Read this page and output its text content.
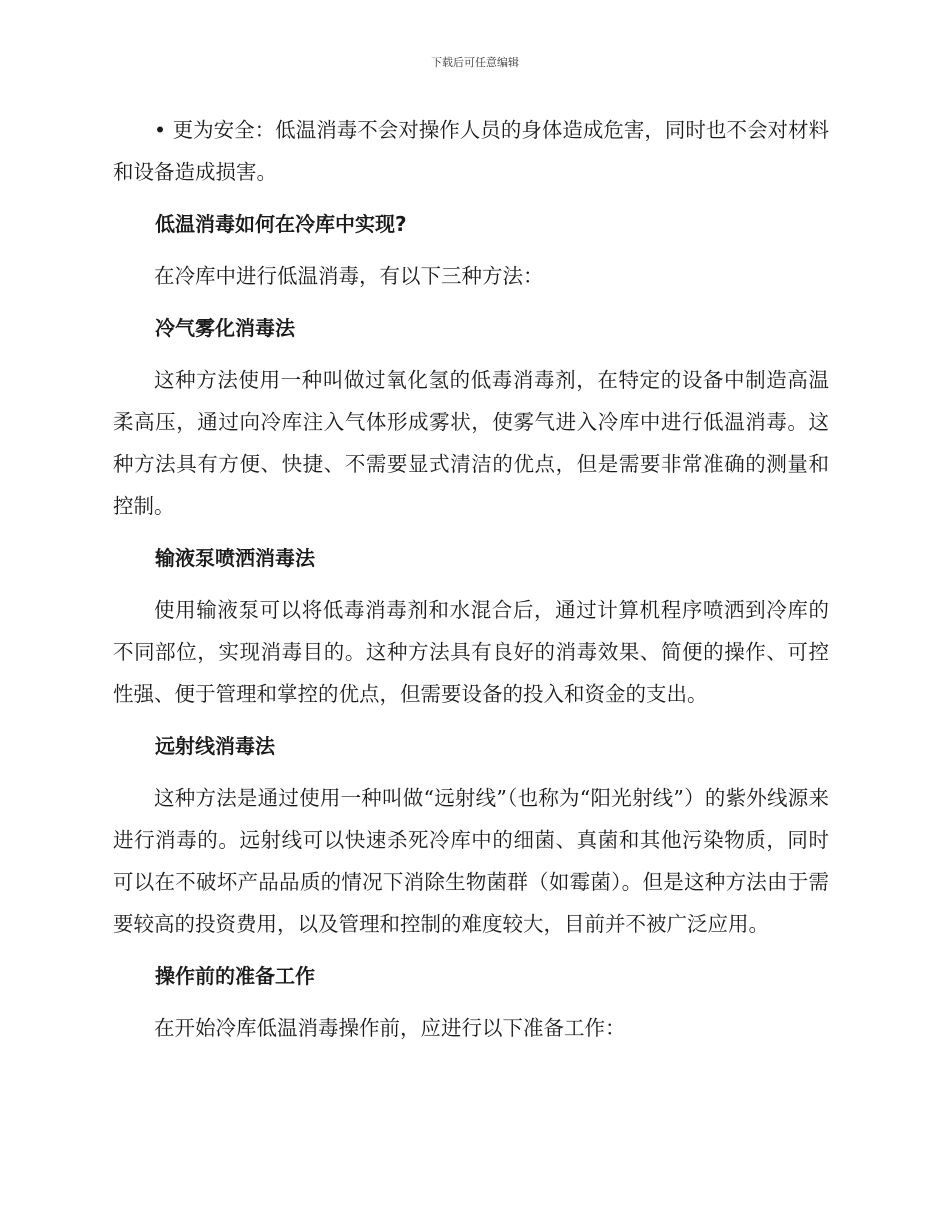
下载后可任意编辑

• 更为安全：低温消毒不会对操作人员的身体造成危害，同时也不会对材料和设备造成损害。

低温消毒如何在冷库中实现?

在冷库中进行低温消毒，有以下三种方法：

冷气雾化消毒法

这种方法使用一种叫做过氧化氢的低毒消毒剂，在特定的设备中制造高温柔高压，通过向冷库注入气体形成雾状，使雾气进入冷库中进行低温消毒。这种方法具有方便、快捷、不需要显式清洁的优点，但是需要非常准确的测量和控制。

输液泵喷洒消毒法

使用输液泵可以将低毒消毒剂和水混合后，通过计算机程序喷洒到冷库的不同部位，实现消毒目的。这种方法具有良好的消毒效果、简便的操作、可控性强、便于管理和掌控的优点，但需要设备的投入和资金的支出。

远射线消毒法

这种方法是通过使用一种叫做“远射线”（也称为“阳光射线”）的紫外线源来进行消毒的。远射线可以快速杀死冷库中的细菌、真菌和其他污染物质，同时可以在不破坏产品品质的情况下消除生物菌群（如霉菌）。但是这种方法由于需要较高的投资费用，以及管理和控制的难度较大，目前并不被广泛应用。

操作前的准备工作

在开始冷库低温消毒操作前，应进行以下准备工作：
